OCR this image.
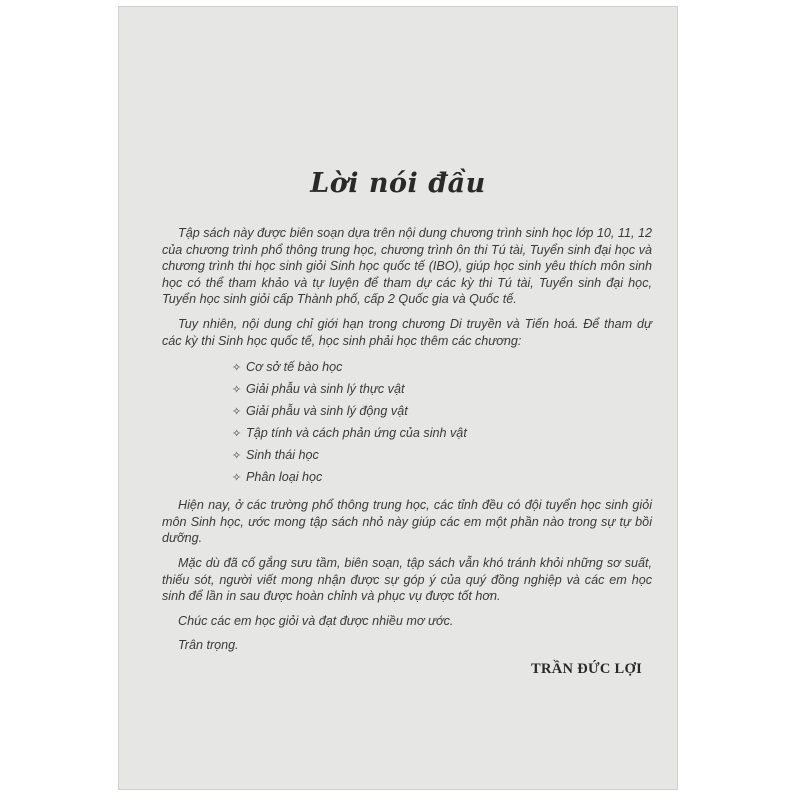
Lời nói đầu

Tập sách này được biên soạn dựa trên nội dung chương trình sinh học lớp 10, 11, 12 của chương trình phổ thông trung học, chương trình ôn thi Tú tài, Tuyển sinh đại học và chương trình thi học sinh giỏi Sinh học quốc tế (IBO), giúp học sinh yêu thích môn sinh học có thể tham khảo và tự luyện để tham dự các kỳ thi Tú tài, Tuyển sinh đại học, Tuyển học sinh giỏi cấp Thành phố, cấp 2 Quốc gia và Quốc tế.

Tuy nhiên, nội dung chỉ giới hạn trong chương Di truyền và Tiến hoá. Để tham dự các kỳ thi Sinh học quốc tế, học sinh phải học thêm các chương:

✧ Cơ sở tế bào học
✧ Giải phẫu và sinh lý thực vật
✧ Giải phẫu và sinh lý động vật
✧ Tập tính và cách phản ứng của sinh vật
✧ Sinh thái học
✧ Phân loại học

Hiện nay, ở các trường phổ thông trung học, các tỉnh đều có đội tuyển học sinh giỏi môn Sinh học, ước mong tập sách nhỏ này giúp các em một phần nào trong sự tự bồi dưỡng.

Mặc dù đã cố gắng sưu tầm, biên soạn, tập sách vẫn khó tránh khỏi những sơ suất, thiếu sót, người viết mong nhận được sự góp ý của quý đồng nghiệp và các em học sinh để lần in sau được hoàn chỉnh và phục vụ được tốt hơn.

Chúc các em học giỏi và đạt được nhiều mơ ước.

Trân trọng.

TRẦN ĐỨC LỢI
